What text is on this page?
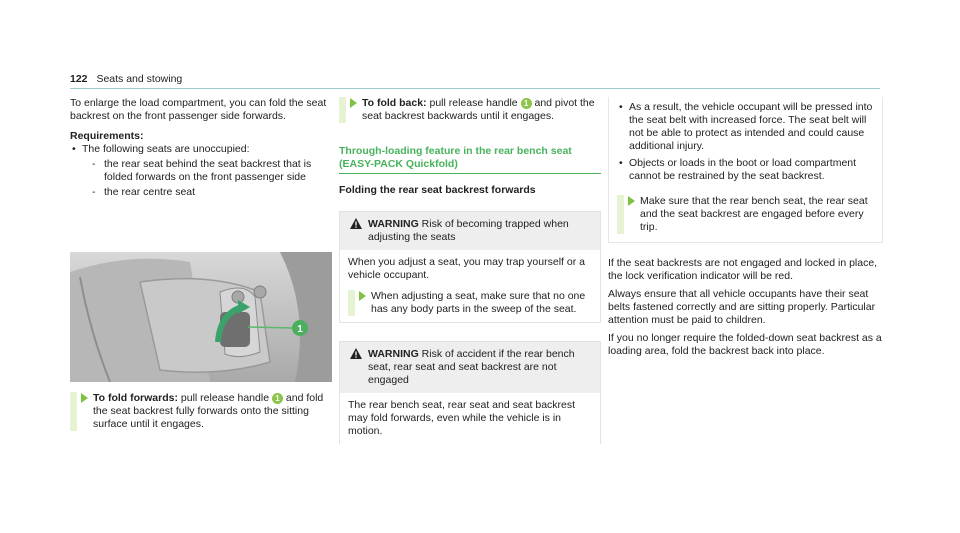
122 Seats and stowing

To enlarge the load compartment, you can fold the seat backrest on the front passenger side forwards.

Requirements:

• The following seats are unoccupied:
- the rear seat behind the seat backrest that is folded forwards on the front passenger side
- the rear centre seat
1
To fold forwards: pull release handle 1 and fold the seat backrest fully forwards onto the sitting surface until it engages.
To fold back: pull release handle 1 and pivot the seat backrest backwards until it engages.
Through-loading feature in the rear bench seat (EASY-PACK Quickfold)

Folding the rear seat backrest forwards

WARNING Risk of becoming trapped when adjusting the seats

When you adjust a seat, you may trap yourself or a vehicle occupant.

When adjusting a seat, make sure that no one has any body parts in the sweep of the seat.
WARNING Risk of accident if the rear bench seat, rear seat and seat backrest are not engaged

The rear bench seat, rear seat and seat backrest may fold forwards, even while the vehicle is in motion.

• As a result, the vehicle occupant will be pressed into the seat belt with increased force. The seat belt will not be able to protect as intended and could cause additional injury.
• Objects or loads in the boot or load compartment cannot be restrained by the seat backrest.
Make sure that the rear bench seat, the rear seat and the seat backrest are engaged before every trip.

If the seat backrests are not engaged and locked in place, the lock verification indicator will be red.

Always ensure that all vehicle occupants have their seat belts fastened correctly and are sitting properly. Particular attention must be paid to children.

If you no longer require the folded-down seat backrest as a loading area, fold the backrest back into place.
